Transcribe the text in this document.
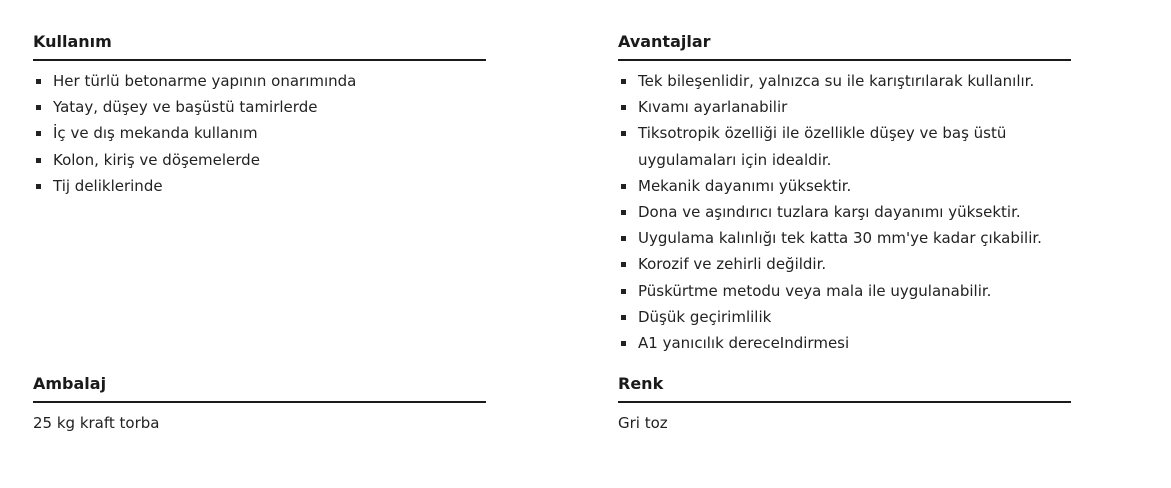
Kullanım
Her türlü betonarme yapının onarımında
Yatay, düşey ve başüstü tamirlerde
İç ve dış mekanda kullanım
Kolon, kiriş ve döşemelerde
Tij deliklerinde
Avantajlar
Tek bileşenlidir, yalnızca su ile karıştırılarak kullanılır.
Kıvamı ayarlanabilir
Tiksotropik özelliği ile özellikle düşey ve baş üstü uygulamaları için idealdir.
Mekanik dayanımı yüksektir.
Dona ve aşındırıcı tuzlara karşı dayanımı yüksektir.
Uygulama kalınlığı tek katta 30 mm'ye kadar çıkabilir.
Korozif ve zehirli değildir.
Püskürtme metodu veya mala ile uygulanabilir.
Düşük geçirimlilik
A1 yanıcılık dereceIndirmesi
Ambalaj

25 kg kraft torba

Renk

Gri toz
